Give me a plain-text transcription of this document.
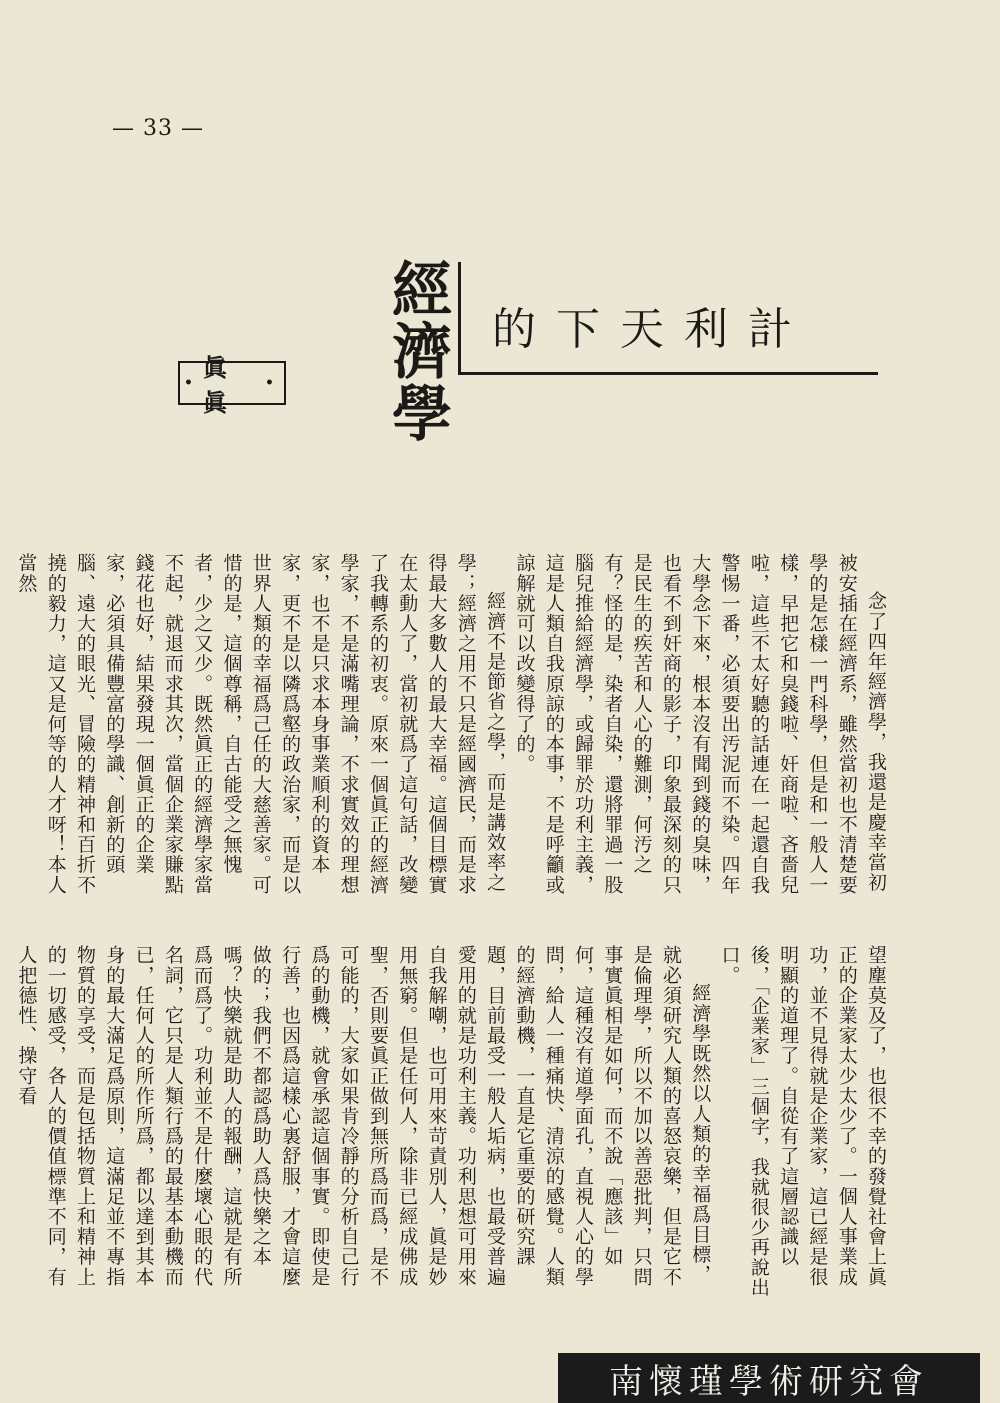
— 33 —
經濟學 計利天下的
•
眞眞
•

念了四年經濟學，我還是慶幸當初被安插在經濟系，雖然當初也不清楚要學的是怎樣一門科學，但是和一般人一樣，早把它和臭錢啦、奸商啦、吝嗇兒啦，這些不太好聽的話連在一起還自我警惕一番，必須要出汚泥而不染。四年大學念下來，根本沒有聞到錢的臭味，也看不到奸商的影子，印象最深刻的只是民生的疾苦和人心的難測，何汚之有？怪的是，染者自染，還將罪過一股腦兒推給經濟學，或歸罪於功利主義，這是人類自我原諒的本事，不是呼籲或諒解就可以改變得了的。

經濟不是節省之學，而是講效率之學；經濟之用不只是經國濟民，而是求得最大多數人的最大幸福。這個目標實在太動人了，當初就爲了這句話，改變了我轉系的初衷。原來一個眞正的經濟學家，不是滿嘴理論，不求實效的理想家，也不是只求本身事業順利的資本家，更不是以隣爲壑的政治家，而是以世界人類的幸福爲己任的大慈善家。可惜的是，這個尊稱，自古能受之無愧者，少之又少。既然眞正的經濟學家當不起，就退而求其次，當個企業家賺點錢花也好，結果發現一個眞正的企業家，必須具備豐富的學識、創新的頭腦、遠大的眼光、冒險的精神和百折不撓的毅力，這又是何等的人才呀！本人當然

望塵莫及了，也很不幸的發覺社會上眞正的企業家太少太少了。一個人事業成功，並不見得就是企業家，這已經是很明顯的道理了。自從有了這層認識以後，「企業家」三個字，我就很少再說出口。

經濟學既然以人類的幸福爲目標，就必須研究人類的喜怒哀樂，但是它不是倫理學，所以不加以善惡批判，只問事實眞相是如何，而不說「應該」如何，這種沒有道學面孔，直視人心的學問，給人一種痛快、清涼的感覺。人類的經濟動機，一直是它重要的研究課題，目前最受一般人垢病，也最受普遍愛用的就是功利主義。功利思想可用來自我解嘲，也可用來苛責別人，眞是妙用無窮。但是任何人，除非已經成佛成聖，否則要眞正做到無所爲而爲，是不可能的，大家如果肯冷靜的分析自己行爲的動機，就會承認這個事實。即使是行善，也因爲這樣心裏舒服，才會這麼做的；我們不都認爲助人爲快樂之本嗎？快樂就是助人的報酬，這就是有所爲而爲了。功利並不是什麼壞心眼的代名詞，它只是人類行爲的最基本動機而已，任何人的所作所爲，都以達到其本身的最大滿足爲原則，這滿足並不專指物質的享受，而是包括物質上和精神上的一切感受，各人的價值標準不同，有人把德性、操守看

南懷瑾學術研究會
